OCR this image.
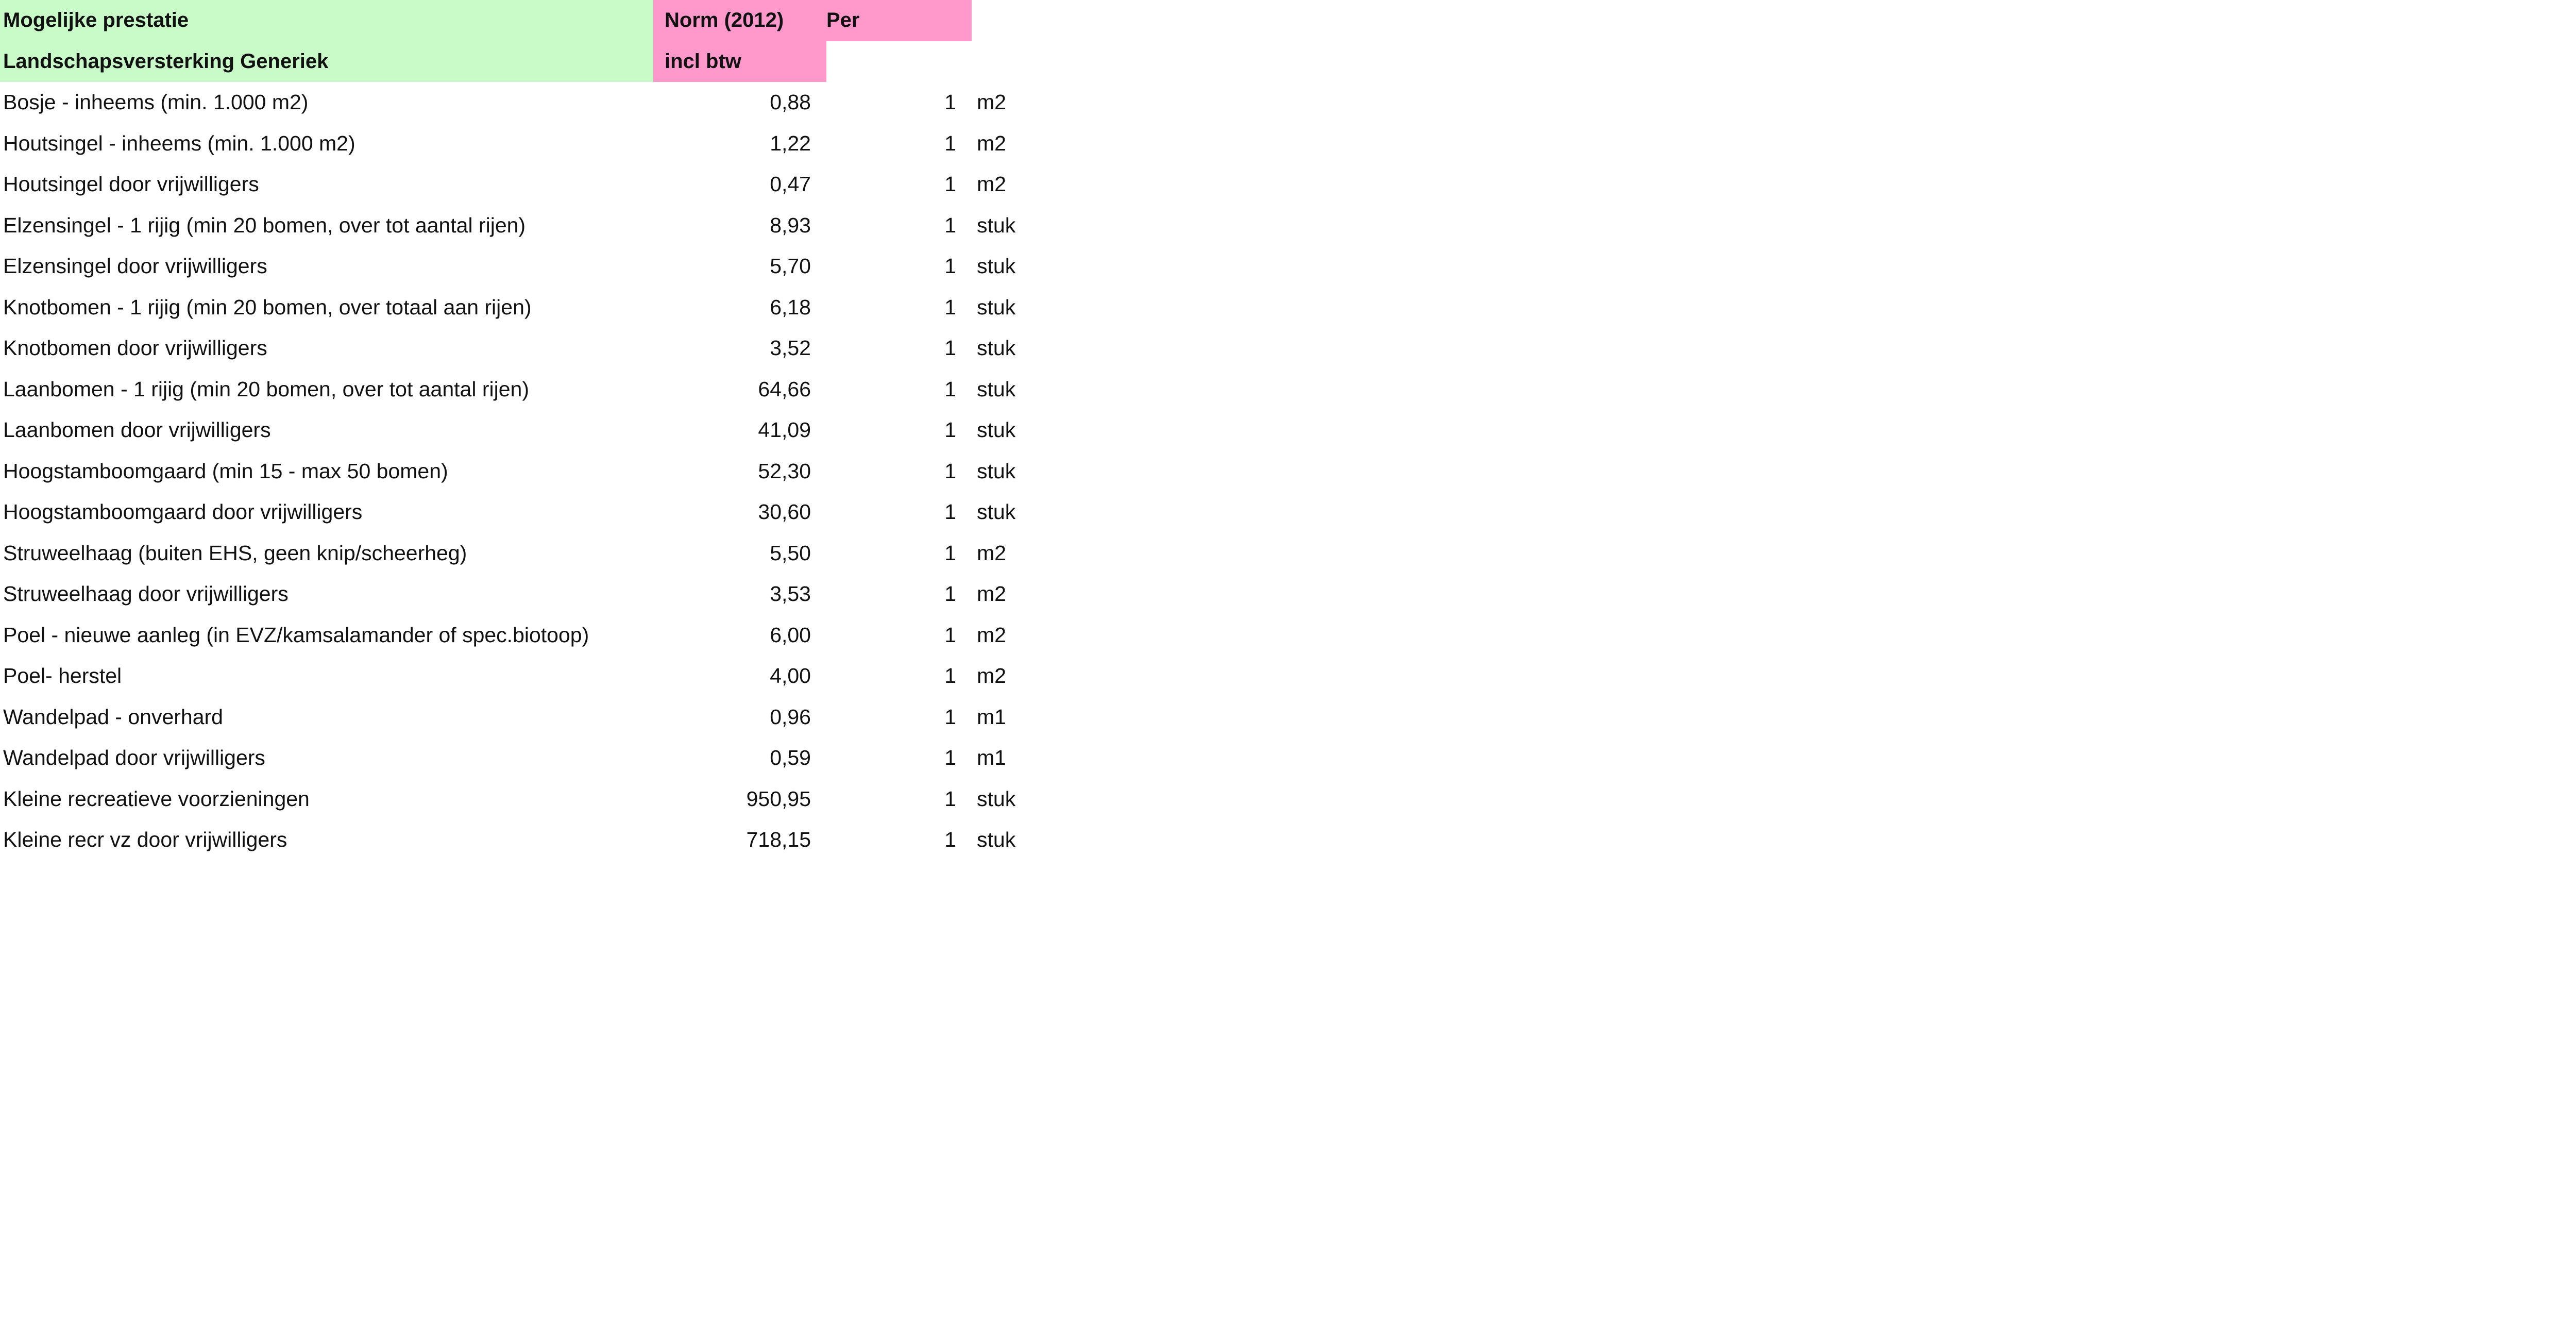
Mogelijke prestatie	Norm (2012)	Per
Landschapsversterking Generiek	incl btw
Bosje - inheems (min. 1.000 m2)	0,88	1 m2
Houtsingel - inheems (min. 1.000 m2)	1,22	1 m2
Houtsingel door vrijwilligers	0,47	1 m2
Elzensingel - 1 rijig (min 20 bomen, over tot aantal rijen)	8,93	1 stuk
Elzensingel door vrijwilligers	5,70	1 stuk
Knotbomen - 1 rijig (min 20 bomen, over totaal aan rijen)	6,18	1 stuk
Knotbomen door vrijwilligers	3,52	1 stuk
Laanbomen - 1 rijig (min 20 bomen, over tot aantal rijen)	64,66	1 stuk
Laanbomen door vrijwilligers	41,09	1 stuk
Hoogstamboomgaard (min 15 - max 50 bomen)	52,30	1 stuk
Hoogstamboomgaard door vrijwilligers	30,60	1 stuk
Struweelhaag (buiten EHS, geen knip/scheerheg)	5,50	1 m2
Struweelhaag door vrijwilligers	3,53	1 m2
Poel - nieuwe aanleg (in EVZ/kamsalamander of spec.biotoop)	6,00	1 m2
Poel- herstel	4,00	1 m2
Wandelpad - onverhard	0,96	1 m1
Wandelpad door vrijwilligers	0,59	1 m1
Kleine recreatieve voorzieningen	950,95	1 stuk
Kleine recr vz door vrijwilligers	718,15	1 stuk
